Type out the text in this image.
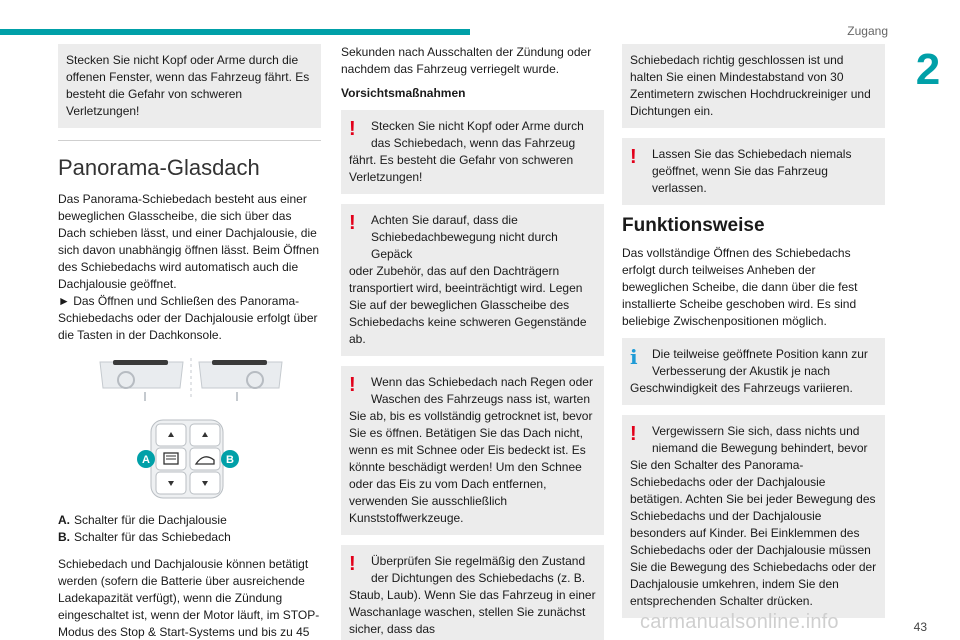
Zugang
2
Stecken Sie nicht Kopf oder Arme durch die offenen Fenster, wenn das Fahrzeug fährt. Es besteht die Gefahr von schweren Verletzungen!
Panorama-Glasdach

Das Panorama-Schiebedach besteht aus einer beweglichen Glasscheibe, die sich über das Dach schieben lässt, und einer Dachjalousie, die sich davon unabhängig öffnen lässt. Beim Öffnen des Schiebedachs wird automatisch auch die Dachjalousie geöffnet.

► Das Öffnen und Schließen des Panorama-Schiebedachs oder der Dachjalousie erfolgt über die Tasten in der Dachkonsole.

A	B
A. Schalter für die Dachjalousie
B. Schalter für das Schiebedach

Schiebedach und Dachjalousie können betätigt werden (sofern die Batterie über ausreichende Ladekapazität verfügt), wenn die Zündung eingeschaltet ist, wenn der Motor läuft, im STOP-Modus des Stop & Start-Systems und bis zu 45

Sekunden nach Ausschalten der Zündung oder nachdem das Fahrzeug verriegelt wurde.

Vorsichtsmaßnahmen
!	Stecken Sie nicht Kopf oder Arme durch das Schiebedach, wenn das Fahrzeug
fährt. Es besteht die Gefahr von schweren Verletzungen!
!	Achten Sie darauf, dass die Schiebedachbewegung nicht durch Gepäck
oder Zubehör, das auf den Dachträgern transportiert wird, beeinträchtigt wird. Legen Sie auf der beweglichen Glasscheibe des Schiebedachs keine schweren Gegenstände ab.
!	Wenn das Schiebedach nach Regen oder Waschen des Fahrzeugs nass ist, warten
Sie ab, bis es vollständig getrocknet ist, bevor Sie es öffnen. Betätigen Sie das Dach nicht, wenn es mit Schnee oder Eis bedeckt ist. Es könnte beschädigt werden! Um den Schnee oder das Eis zu vom Dach entfernen, verwenden Sie ausschließlich Kunststoffwerkzeuge.
!	Überprüfen Sie regelmäßig den Zustand der Dichtungen des Schiebedachs (z. B.
Staub, Laub). Wenn Sie das Fahrzeug in einer Waschanlage waschen, stellen Sie zunächst sicher, dass das
Schiebedach richtig geschlossen ist und halten Sie einen Mindestabstand von 30 Zentimetern zwischen Hochdruckreiniger und Dichtungen ein.
!	Lassen Sie das Schiebedach niemals geöffnet, wenn Sie das Fahrzeug verlassen.
Funktionsweise

Das vollständige Öffnen des Schiebedachs erfolgt durch teilweises Anheben der beweglichen Scheibe, die dann über die fest installierte Scheibe geschoben wird. Es sind beliebige Zwischenpositionen möglich.

i	Die teilweise geöffnete Position kann zur Verbesserung der Akustik je nach
Geschwindigkeit des Fahrzeugs variieren.
!	Vergewissern Sie sich, dass nichts und niemand die Bewegung behindert, bevor
Sie den Schalter des Panorama-Schiebedachs oder der Dachjalousie betätigen. Achten Sie bei jeder Bewegung des Schiebedachs und der Dachjalousie besonders auf Kinder. Bei Einklemmen des Schiebedachs oder der Dachjalousie müssen Sie die Bewegung des Schiebedachs oder der Dachjalousie umkehren, indem Sie den entsprechenden Schalter drücken.
carmanualsonline.info	43
